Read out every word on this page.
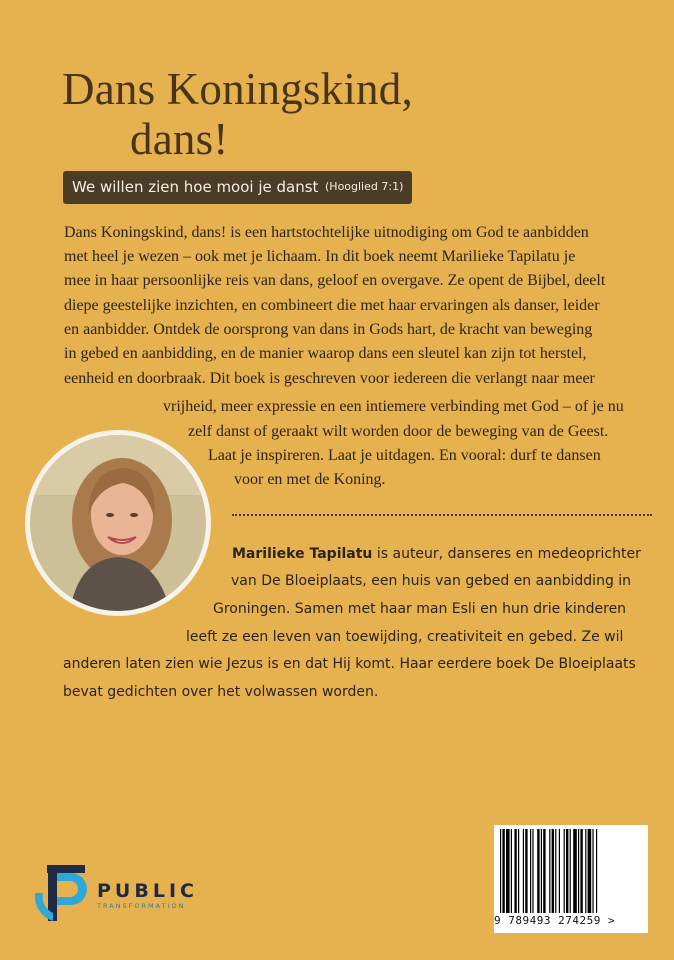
Dans Koningskind,
dans!
We willen zien hoe mooi je danst (Hooglied 7:1)
Dans Koningskind, dans! is een hartstochtelijke uitnodiging om God te aanbidden
met heel je wezen – ook met je lichaam. In dit boek neemt Marilieke Tapilatu je
mee in haar persoonlijke reis van dans, geloof en overgave. Ze opent de Bijbel, deelt
diepe geestelijke inzichten, en combineert die met haar ervaringen als danser, leider
en aanbidder. Ontdek de oorsprong van dans in Gods hart, de kracht van beweging
in gebed en aanbidding, en de manier waarop dans een sleutel kan zijn tot herstel,
eenheid en doorbraak. Dit boek is geschreven voor iedereen die verlangt naar meer
vrijheid, meer expressie en een intiemere verbinding met God – of je nu
zelf danst of geraakt wilt worden door de beweging van de Geest.
Laat je inspireren. Laat je uitdagen. En vooral: durf te dansen
voor en met de Koning.
Marilieke Tapilatu is auteur, danseres en medeoprichter
van De Bloeiplaats, een huis van gebed en aanbidding in
Groningen. Samen met haar man Esli en hun drie kinderen
leeft ze een leven van toewijding, creativiteit en gebed. Ze wil
anderen laten zien wie Jezus is en dat Hij komt. Haar eerdere boek De Bloeiplaats
bevat gedichten over het volwassen worden.
9 789493 274259 >
PUBLIC
TRANSFORMATION
